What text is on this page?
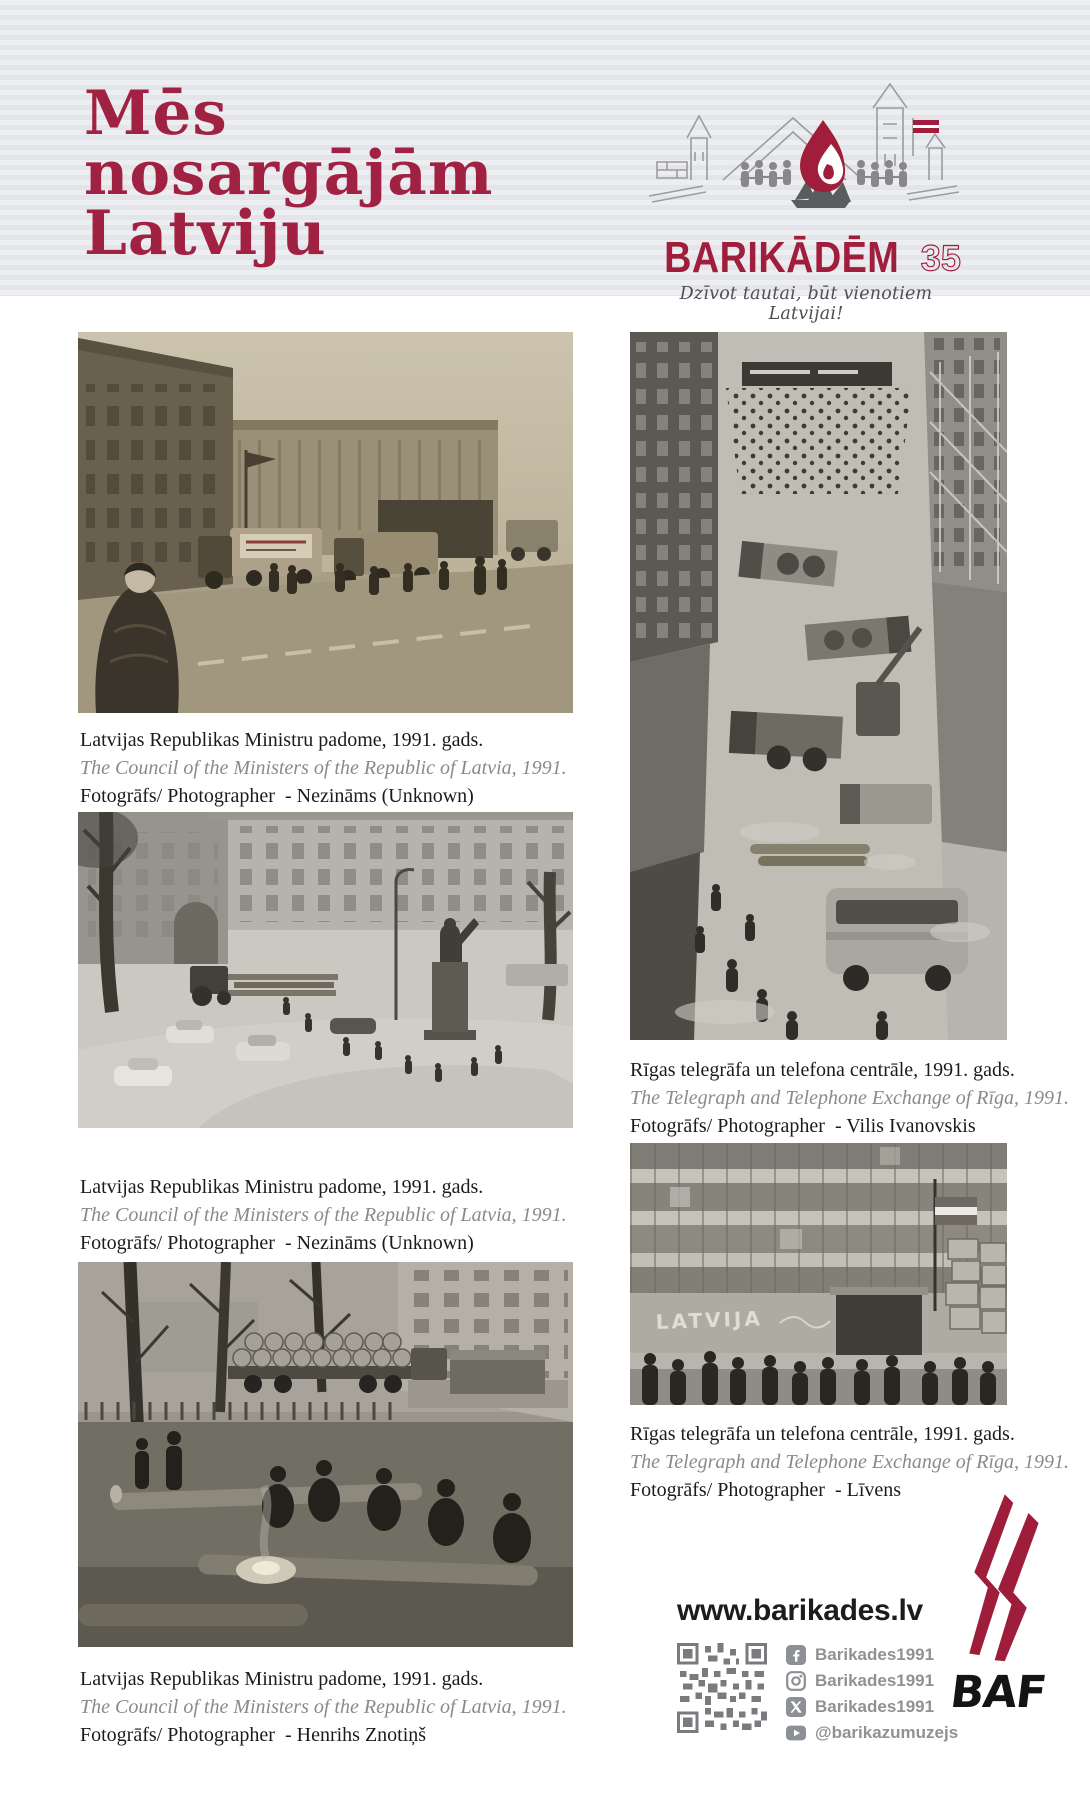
Mēs
nosargājām
Latviju	BARIKĀDĒM 35
Dzīvot tautai, būt vienotiem Latvijai!
LATVIJA
Latvijas Republikas Ministru padome, 1991. gads.
The Council of the Ministers of the Republic of Latvia, 1991.
Fotogrāfs/ Photographer  - Nezināms (Unknown)
Latvijas Republikas Ministru padome, 1991. gads.
The Council of the Ministers of the Republic of Latvia, 1991.
Fotogrāfs/ Photographer  - Nezināms (Unknown)
Latvijas Republikas Ministru padome, 1991. gads.
The Council of the Ministers of the Republic of Latvia, 1991.
Fotogrāfs/ Photographer  - Henrihs Znotiņš
Rīgas telegrāfa un telefona centrāle, 1991. gads.
The Telegraph and Telephone Exchange of Rīga, 1991.
Fotogrāfs/ Photographer  - Vilis Ivanovskis
Rīgas telegrāfa un telefona centrāle, 1991. gads.
The Telegraph and Telephone Exchange of Rīga, 1991.
Fotogrāfs/ Photographer  - Līvens
www.barikades.lv
Barikades1991
Barikades1991
Barikades1991
@barikazumuzejs
BAF
